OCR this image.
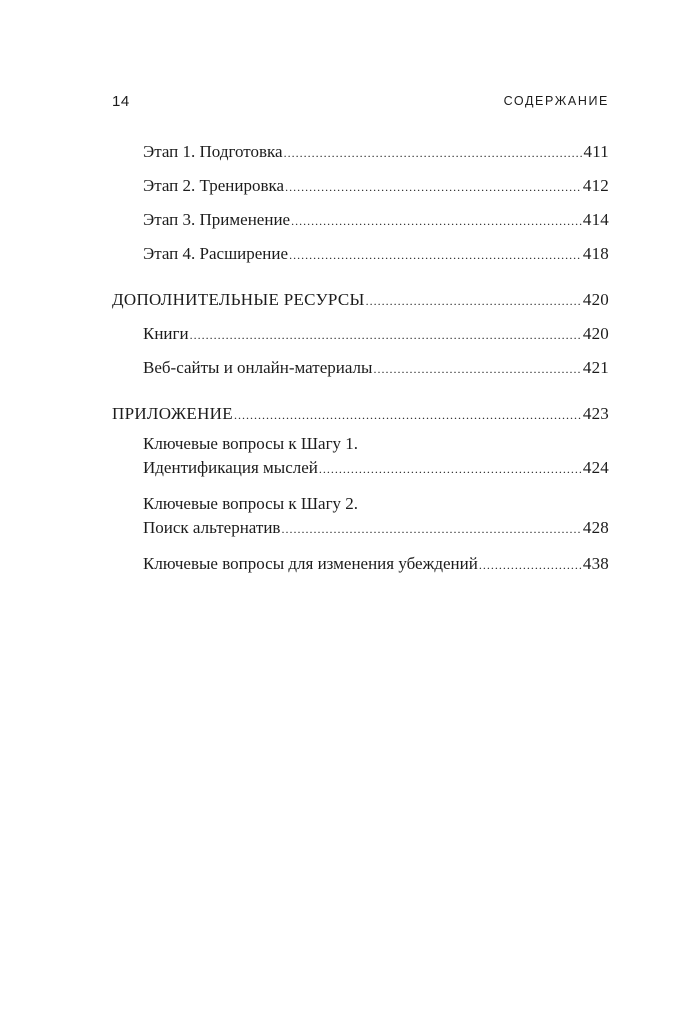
14	СОДЕРЖАНИЕ
Этап 1. Подготовка .....	411
Этап 2. Тренировка .....	412
Этап 3. Применение .....	414
Этап 4. Расширение .....	418
ДОПОЛНИТЕЛЬНЫЕ РЕСУРСЫ .....	420
Книги .....	420
Веб-сайты и онлайн-материалы .....	421
ПРИЛОЖЕНИЕ .....	423
Ключевые вопросы к Шагу 1.
Идентификация мыслей .....	424
Ключевые вопросы к Шагу 2.
Поиск альтернатив .....	428
Ключевые вопросы для изменения убеждений .....	438
